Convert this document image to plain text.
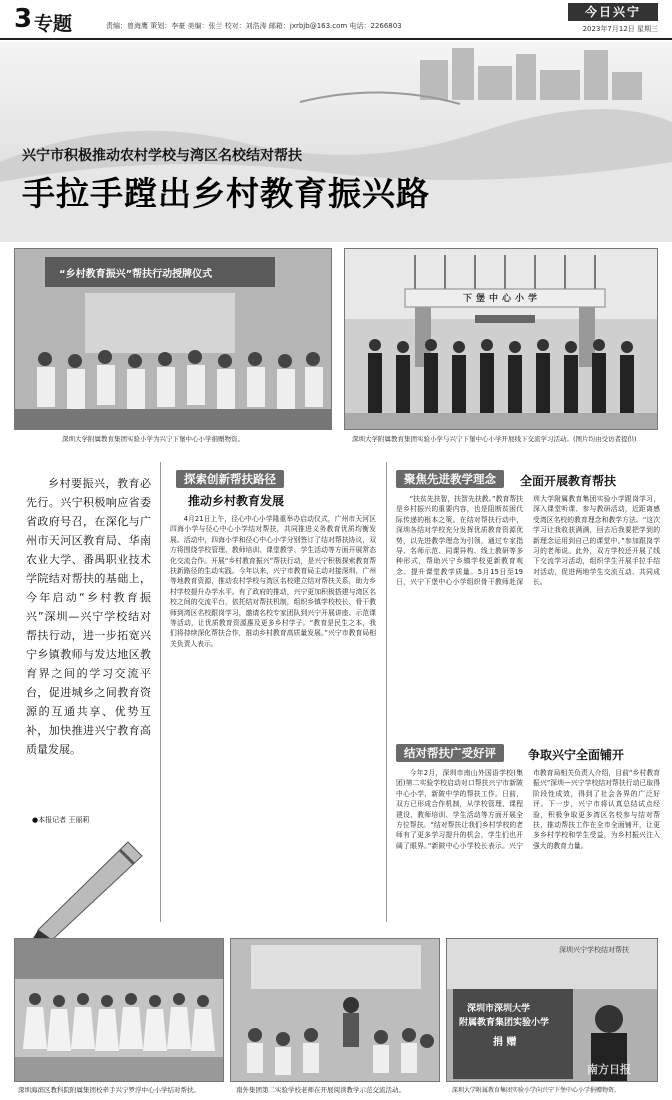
3 专题	责编：曾海鹰 策划：李豪 美编：张兰 校对：刘浩涛 邮箱：jxrbjb@163.com 电话：2266803
今日兴宁
2023年7月12日 星期三
兴宁市积极推动农村学校与湾区名校结对帮扶
手拉手蹚出乡村教育振兴路
“乡村教育振兴”帮扶行动授牌仪式
深圳大学附属教育集团实验小学为兴宁下堡中心小学捐赠物资。
下堡中心小学
深圳大学附属教育集团实验小学与兴宁下堡中心小学开展线下交流学习活动。(图片均由受访者提供)
乡村要振兴，教育必先行。兴宁积极响应省委省政府号召，在深化与广州市天河区教育局、华南农业大学、番禺职业技术学院结对帮扶的基础上，今年启动“乡村教育振兴”深圳—兴宁学校结对帮扶行动，进一步拓宽兴宁乡镇教师与发达地区教育界之间的学习交流平台，促进城乡之间教育资源的互通共享、优势互补，加快推进兴宁教育高质量发展。
●本报记者 王丽莉
探索创新帮扶路径
推动乡村教育发展
4月21日上午，径心中心小学隆重举办启动仪式，广州市天河区四海小学与径心中心小学结对帮扶，共同推进义务教育优质均衡发展。活动中，四海小学和径心中心小学分别签订了结对帮扶协议，双方将围绕学校管理、教师培训、课堂教学、学生活动等方面开展常态化交流合作。开展“乡村教育振兴”帮扶行动，是兴宁积极探索教育帮扶新路径的生动实践。今年以来，兴宁市教育局主动对接深圳、广州等地教育资源，推动农村学校与湾区名校建立结对帮扶关系，助力乡村学校提升办学水平。有了政府的推动，兴宁更加积极搭建与湾区名校之间的交流平台，依托结对帮扶机制，组织乡镇学校校长、骨干教师到湾区名校跟岗学习，邀请名校专家团队到兴宁开展讲座、示范课等活动，让优质教育资源惠及更多乡村学子。“教育是民生之本，我们将持续深化帮扶合作，推动乡村教育高质量发展。”兴宁市教育局相关负责人表示。
聚焦先进教学理念	全面开展教育帮扶
“扶贫先扶智，扶智先扶教。”教育帮扶是乡村振兴的重要内容，也是阻断贫困代际传递的根本之策。在结对帮扶行动中，深圳各结对学校充分发挥优质教育资源优势，以先进教学理念为引领，通过专家指导、名师示范、同课异构、线上教研等多种形式，帮助兴宁乡镇学校更新教育观念、提升课堂教学质量。5月15日至19日，兴宁下堡中心小学组织骨干教师赴深圳大学附属教育集团实验小学跟岗学习，深入课堂听课、参与教研活动，近距离感受湾区名校的教育理念和教学方法。“这次学习让我收获满满，回去后我要把学到的新理念运用到自己的课堂中。”参加跟岗学习的老师说。此外，双方学校还开展了线下交流学习活动，组织学生开展手拉手结对活动，促进两地学生交流互动、共同成长。
结对帮扶广受好评	争取兴宁全面铺开
今年2月，深圳市南山外国语学校(集团)第二实验学校启动对口帮扶兴宁市新陂中心小学，新陂中学的帮扶工作。日前，双方已形成合作机制，从学校管理、课程建设、教师培训、学生活动等方面开展全方位帮扶。“结对帮扶让我们乡村学校的老师有了更多学习提升的机会，学生们也开阔了眼界。”新陂中心小学校长表示。兴宁市教育局相关负责人介绍，目前“乡村教育振兴”深圳—兴宁学校结对帮扶行动已取得阶段性成效，得到了社会各界的广泛好评。下一步，兴宁市将认真总结试点经验，积极争取更多湾区名校参与结对帮扶，推动帮扶工作在全市全面铺开，让更多乡村学校和学生受益，为乡村振兴注入强大的教育力量。
深圳海滨区教科院附属集团校牵手兴宁罗浮中心小学结对帮扶。	南外集团第二实验学校老师在开展阅读教学示范交流活动。
深圳兴宁学校结对帮扶
深圳市深圳大学
附属教育集团实验小学
捐 赠
南方日报
深圳大学附属教育集团实验小学向兴宁下堡中心小学捐赠物资。
